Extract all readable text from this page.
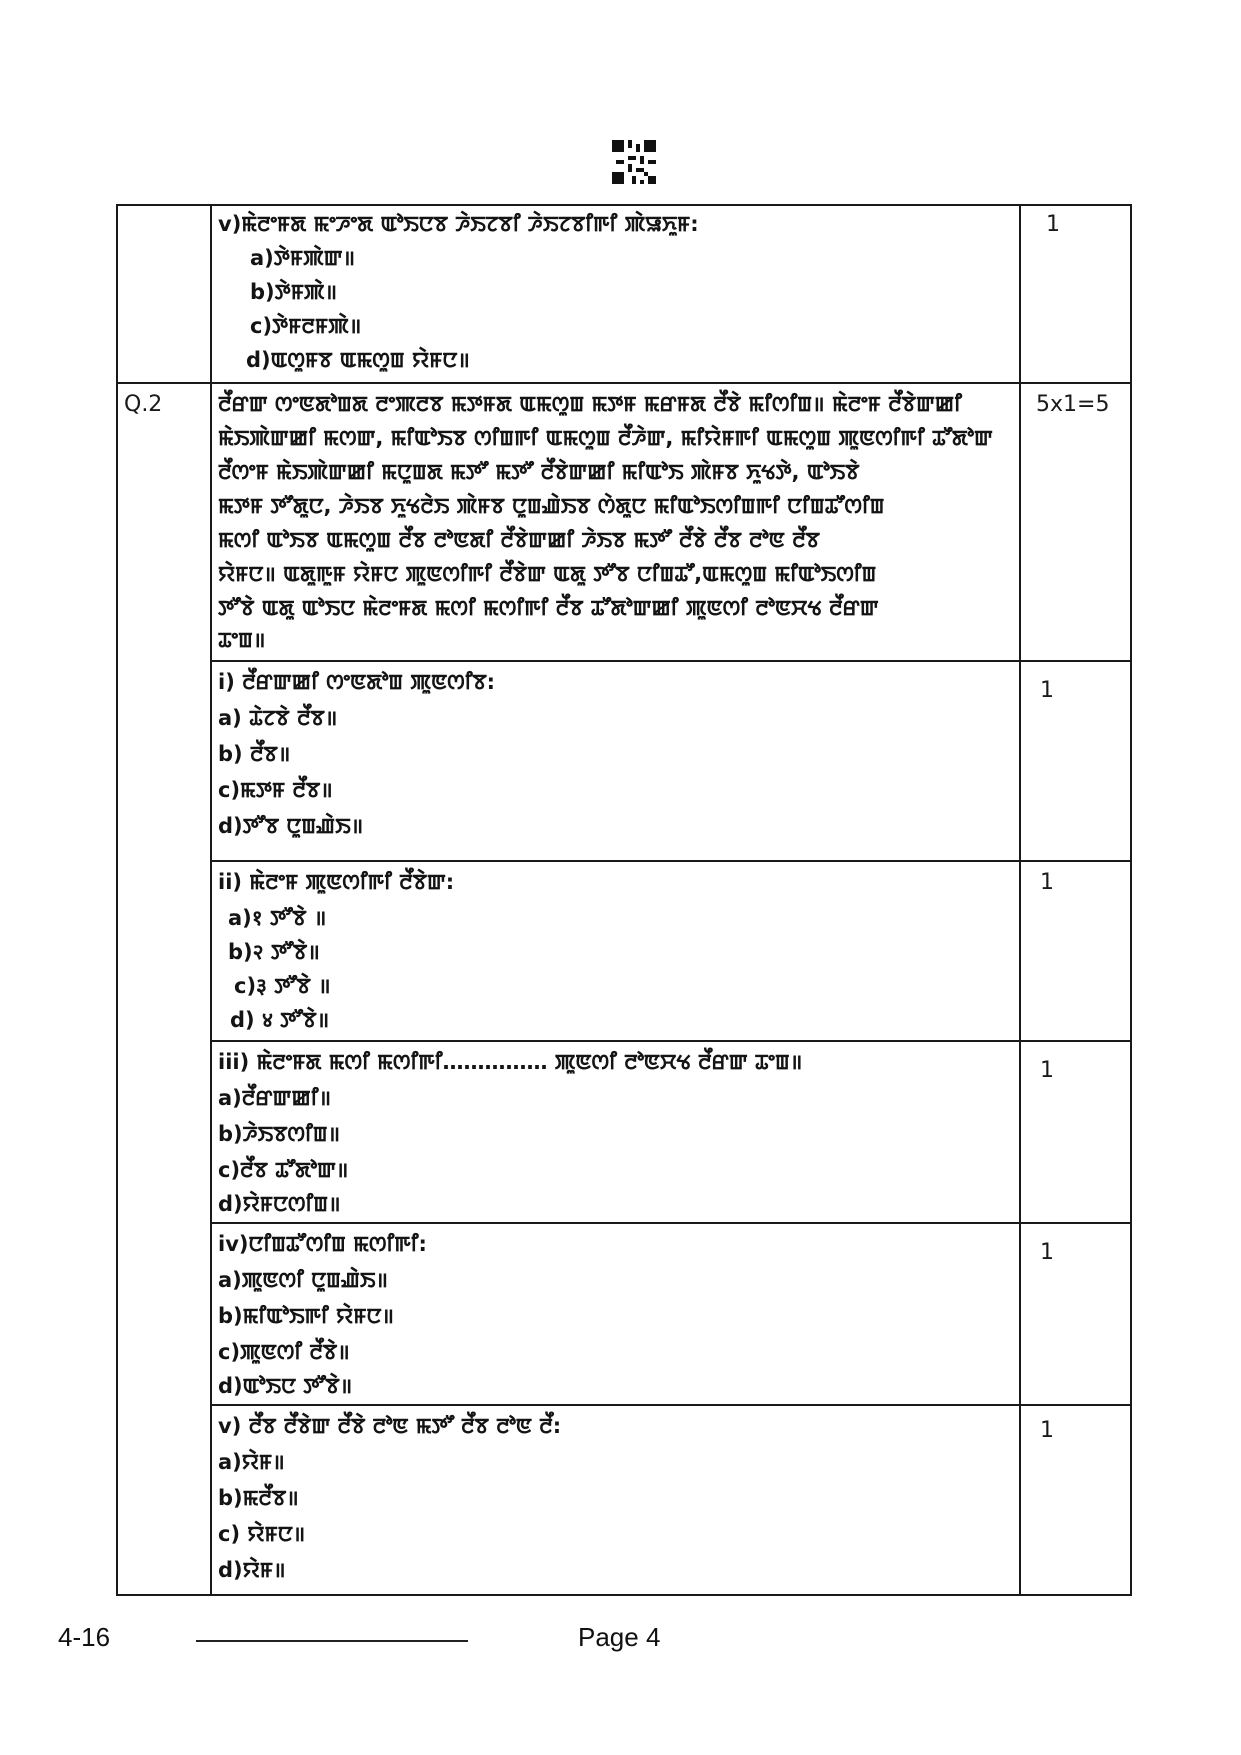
v)ꯃꯥꯂꯦꯝꯗ ꯃꯦꯍꯦꯗ ꯑꯣꯏꯅꯕ ꯍꯥꯏꯖꯕꯤ ꯍꯥꯏꯖꯕꯤꯒꯤ ꯄꯥꯎꯈꯨꯝ:
a)ꯇꯥꯝꯄꯥꯛ॥
b)ꯇꯥꯝꯄꯥ॥
c)ꯇꯥꯝꯂꯝꯄꯥ॥
d)ꯑꯁꯨꯝꯕ ꯑꯃꯁꯨꯡ ꯌꯥꯝꯅ॥
1
Q.2	5x1=5
ꯂꯩꯔꯛ ꯁꯦꯟꯗꯣꯡꯗ ꯂꯦꯄꯂꯕ ꯃꯇꯝꯗ ꯑꯃꯁꯨꯡ ꯃꯇꯝ ꯃꯔꯝꯗ ꯂꯩꯕꯥ ꯃꯤꯁꯤꯡ॥ ꯃꯥꯂꯦꯝ ꯂꯩꯕꯥꯛꯀꯤ
ꯃꯥꯏꯄꯥꯛꯀꯤ ꯃꯁꯛ, ꯃꯤꯑꯣꯏꯕ ꯁꯤꯡꯒꯤ ꯑꯃꯁꯨꯡ ꯂꯩꯍꯥꯛ, ꯃꯤꯌꯥꯝꯒꯤ ꯑꯃꯁꯨꯡ ꯄꯨꯟꯁꯤꯒꯤ ꯊꯧꯗꯣꯛ
ꯂꯩꯁꯦꯝ ꯃꯥꯏꯄꯥꯛꯀꯤ ꯃꯅꯨꯡꯗ ꯃꯇꯧ ꯃꯇꯧ ꯂꯩꯕꯥꯛꯀꯤ ꯃꯤꯑꯣꯏ ꯄꯥꯝꯕ ꯈꯨꯠꯇꯥ, ꯑꯣꯏꯕꯥ
ꯃꯇꯝ ꯇꯧꯗꯨꯅ, ꯍꯥꯏꯕ ꯈꯨꯠꯂꯥꯏ ꯄꯥꯝꯕ ꯅꯨꯡꯉꯥꯏꯕ ꯁꯥꯗꯨꯅ ꯃꯤꯑꯣꯏꯁꯤꯡꯒꯤ ꯅꯤꯡꯊꯧꯁꯤꯡ
ꯃꯁꯤ ꯑꯣꯏꯕ ꯑꯃꯁꯨꯡ ꯂꯩꯕ ꯂꯣꯟꯗꯤ ꯂꯩꯕꯥꯛꯀꯤ ꯍꯥꯏꯕ ꯃꯇꯧ ꯂꯩꯕꯥ ꯂꯩꯕ ꯂꯣꯟ ꯂꯩꯕ
ꯌꯥꯝꯅ॥ ꯑꯗꯨꯒꯨꯝ ꯌꯥꯝꯅ ꯄꯨꯟꯁꯤꯒꯤ ꯂꯩꯕꯥꯛ ꯑꯗꯨ ꯇꯧꯕ ꯅꯤꯡꯊꯧ,ꯑꯃꯁꯨꯡ ꯃꯤꯑꯣꯏꯁꯤꯡ
ꯇꯧꯕꯥ ꯑꯗꯨ ꯑꯣꯏꯅ ꯃꯥꯂꯦꯝꯗ ꯃꯁꯤ ꯃꯁꯤꯒꯤ ꯂꯩꯕ ꯊꯧꯗꯣꯛꯀꯤ ꯄꯨꯟꯁꯤ ꯂꯣꯟꯆꯠ ꯂꯩꯔꯛ
ꯊꯦꯡ॥
i) ꯂꯩꯔꯛꯀꯤ ꯁꯦꯟꯗꯣꯡ ꯄꯨꯟꯁꯤꯕ:
a) ꯊꯥꯖꯕꯥ ꯂꯩꯕ॥
b) ꯂꯩꯕ॥
c)ꯃꯇꯝ ꯂꯩꯕ॥
d)ꯇꯧꯕ ꯅꯨꯡꯉꯥꯏ॥
1
ii) ꯃꯥꯂꯦꯝ ꯄꯨꯟꯁꯤꯒꯤ ꯂꯩꯕꯥꯛ:
a)१ ꯇꯧꯕꯥ ॥
b)२ ꯇꯧꯕꯥ॥
c)३ ꯇꯧꯕꯥ ॥
d) ४ ꯇꯧꯕꯥ॥
1
iii) ꯃꯥꯂꯦꯝꯗ ꯃꯁꯤ ꯃꯁꯤꯒꯤ…………… ꯄꯨꯟꯁꯤ ꯂꯣꯟꯆꯠ ꯂꯩꯔꯛ ꯊꯦꯡ॥
a)ꯂꯩꯔꯛꯀꯤ॥
b)ꯍꯥꯏꯕꯁꯤꯡ॥
c)ꯂꯩꯕ ꯊꯧꯗꯣꯛ॥
d)ꯌꯥꯝꯅꯁꯤꯡ॥
1
iv)ꯅꯤꯡꯊꯧꯁꯤꯡ ꯃꯁꯤꯒꯤ:
a)ꯄꯨꯟꯁꯤ ꯅꯨꯡꯉꯥꯏ॥
b)ꯃꯤꯑꯣꯏꯒꯤ ꯌꯥꯝꯅ॥
c)ꯄꯨꯟꯁꯤ ꯂꯩꯕꯥ॥
d)ꯑꯣꯏꯅ ꯇꯧꯕꯥ॥
1
v) ꯂꯩꯕ ꯂꯩꯕꯥꯛ ꯂꯩꯕꯥ ꯂꯣꯟ ꯃꯇꯧ ꯂꯩꯕ ꯂꯣꯟ ꯂꯩ:
a)ꯌꯥꯝ॥
b)ꯃꯂꯩꯕ॥
c) ꯌꯥꯝꯅ॥
d)ꯌꯥꯝ॥
1
4-16	Page 4
